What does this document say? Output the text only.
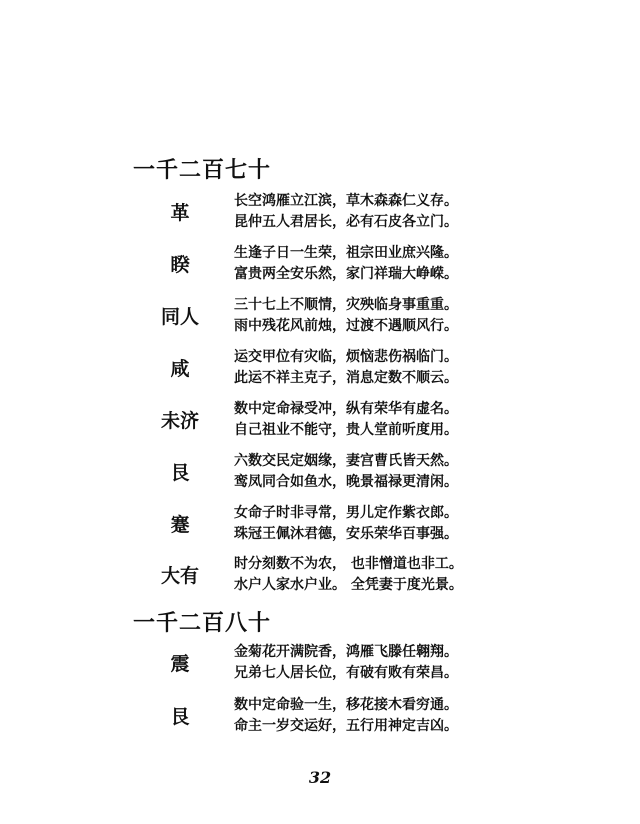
一千二百七十
革
长空鸿雁立江滨，草木森森仁义存。
昆仲五人君居长，必有石皮各立门。
睽
生逢子日一生荣，祖宗田业庶兴隆。
富贵两全安乐然，家门祥瑞大峥嵘。
同人
三十七上不顺情，灾殃临身事重重。
雨中残花风前烛，过渡不遇顺风行。
咸
运交甲位有灾临，烦恼悲伤祸临门。
此运不祥主克子，消息定数不顺云。
未济
数中定命禄受冲，纵有荣华有虚名。
自己祖业不能守，贵人堂前听度用。
艮
六数交民定姻缘，妻宫曹氏皆天然。
鸾凤同合如鱼水，晚景福禄更清闲。
蹇
女命子时非寻常，男儿定作紫衣郎。
珠冠王佩沐君德，安乐荣华百事强。
大有
时分刻数不为农， 也非憎道也非工。
水户人家水户业。 全凭妻于度光景。
一千二百八十
震
金菊花开满院香，鸿雁飞滕任翱翔。
兄弟七人居长位，有破有败有荣昌。
艮
数中定命验一生，移花接木看穷通。
命主一岁交运好，五行用神定吉凶。
32
